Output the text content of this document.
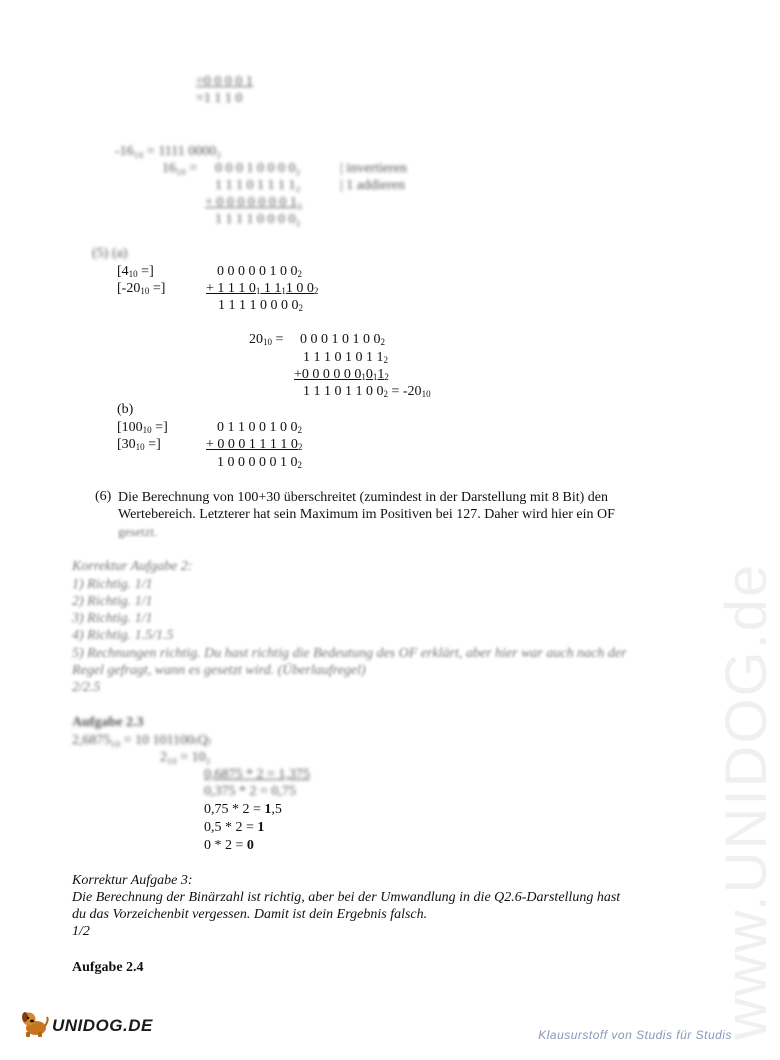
www.UNIDOG.de
=0 0 0 0 1
=1 1 1 0
-16₁₀ = 1111 0000₂
16₁₀ = 0 0 0 1 0 0 0 0₂	| invertieren
1 1 1 0 1 1 1 1₂	| 1 addieren
+ 0 0 0 0 0 0 0 1₂
1 1 1 1 0 0 0 0₂
(5) (a)
[$4_{10}$ =]	0 0 0 0 0 1 0 $0_2$
[$-20_{10}$ =]	+ 1 1 1 $0_1$ 1 $1_11$ 0 $0_2$
1 1 1 1 0 0 0 $0_2$
$20_{10} = 0$ 0 0 1 0 1 0 $0_2$
1 1 1 0 1 0 1 $1_2$
+0 0 0 0 0 $0_10_11_2$
1 1 1 0 1 1 0 $0_2 = -20_{10}$
(b)
[$100_{10}$ =]	0 1 1 0 0 1 0 $0_2$
[$30_{10}$ =]	+ 0 0 0 1 1 1 1 $0_2$
1 0 0 0 0 0 1 $0_2$
(6) Die Berechnung von 100+30 überschreitet (zumindest in der Darstellung mit 8 Bit) den Wertebereich. Letzterer hat sein Maximum im Positiven bei 127. Daher wird hier ein OF
gesetzt.
Korrektur Aufgabe 2:
1) Richtig. 1/1
2) Richtig. 1/1
3) Richtig. 1/1
4) Richtig. 1.5/1.5
5) Rechnungen richtig. Du hast richtig die Bedeutung des OF erklärt, aber hier war auch nach der
Regel gefragt, wann es gesetzt wird. (Überlaufregel)
2/2.5
Aufgabe 2.3
2,6875₁₀ = 10 101100₍Q₎
2₁₀ = 10₂
0,6875 * 2 = 1,375
0,375 * 2 = 0,75
0,75 * 2 = 1,5
0,5 * 2 = 1
0 * 2 = 0
Korrektur Aufgabe 3:
Die Berechnung der Binärzahl ist richtig, aber bei der Umwandlung in die Q2.6-Darstellung hast
du das Vorzeichenbit vergessen. Damit ist dein Ergebnis falsch.
1/2
Aufgabe 2.4
UNIDOG.DE
Klausurstoff von Studis für Studis
